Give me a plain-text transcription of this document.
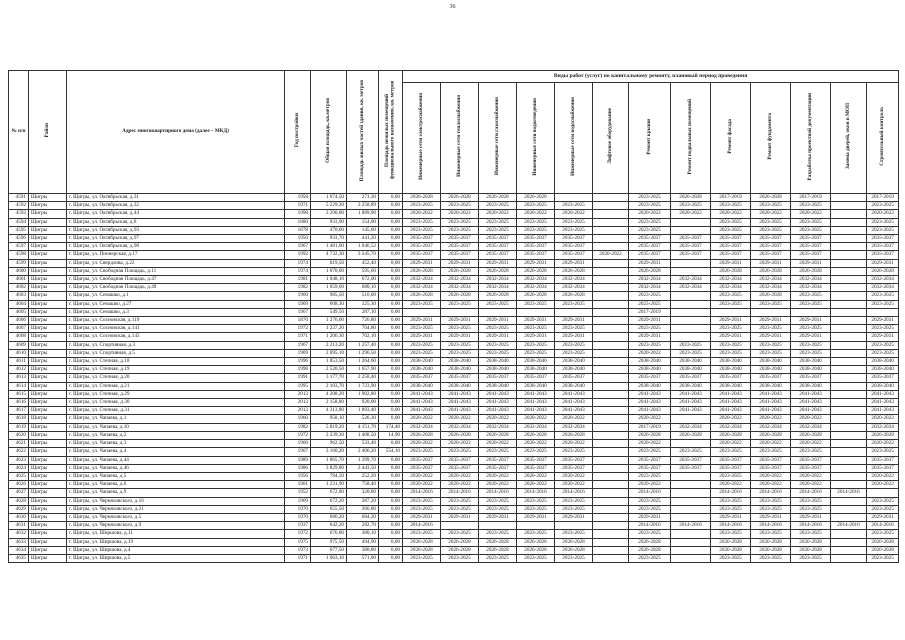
36
№ п/п	Район	Адрес многоквартирного дома (далее – МКД)	Год постройки	Общая площадь, кв.метров	Площадь жилых частей здания, кв. метров	Площадь нежилых помещений функционального назначения, кв. метров	Виды работ (услуг) по капитальному ремонту, плановый период проведения												
							Инженерные сети электроснабжения	Инженерные сети теплоснабжения	Инженерные сети газоснабжения	Инженерные сети водоотведения	Инженерные сети водоснабжения	Лифтовое оборудование	Ремонт крыши	Ремонт подвальных помещений	Ремонт фасада	Ремонт фундамента	Разработка проектной документации	Замена дверей, окон в МОП	Строительный контроль
4591	Щигры	г. Щигры, ул. Октябрьская, д.31	1958	1 074,50	271,30	0,00	2026-2028	2026-2028	2026-2028	2026-2028			2023-2025	2026-2028	2017-2019	2026-2028	2017-2019		2017-2019
4592	Щигры	г. Щигры, ул. Октябрьская, д.32	1971	5 229,30	3 258,89	0,00	2023-2025	2023-2025	2023-2025	2023-2025	2023-2025		2023-2025	2023-2025	2023-2025	2023-2025	2023-2025		2023-2025
4593	Щигры	г. Щигры, ул. Октябрьская, д.44	1998	3 290,80	1 889,90	0,00	2020-2022	2020-2022	2020-2022	2020-2022	2020-2022		2020-2022	2020-2022	2020-2022	2020-2022	2020-2022		2020-2022
4594	Щигры	г. Щигры, ул. Октябрьская, д.8	1880	933,90	154,00	0,00	2023-2025	2023-2025	2023-2025	2023-2025	2023-2025		2023-2025		2023-2025	2023-2025	2023-2025		2023-2025
4595	Щигры	г. Щигры, ул. Октябрьская, д.93	1878	470,60	145,60	0,00	2023-2025	2023-2025	2023-2025	2023-2025	2023-2025		2023-2025		2023-2025	2023-2025	2023-2025		2023-2025
4596	Щигры	г. Щигры, ул. Октябрьская, д.97	1950	933,70	441,20	0,00	2035-2037	2035-2037	2035-2037	2035-2037	2035-2037		2035-2037	2035-2037	2035-2037	2035-2037	2035-2037		2035-2037
4597	Щигры	г. Щигры, ул. Октябрьская, д.98	1967	1 481,60	1 046,52	0,00	2035-2037	2035-2037	2035-2037	2035-2037	2035-2037		2035-2037	2035-2037	2035-2037	2035-2037	2035-2037		2035-2037
4598	Щигры	г. Щигры, ул. Пионерская, д.17	1992	4 732,30	3 345,70	0,00	2035-2037	2035-2037	2035-2037	2035-2037	2035-2037	2020-2022	2035-2037	2035-2037	2035-2037	2035-2037	2035-2037		2035-2037
4599	Щигры	г. Щигры, ул. Свердлова, д.22	1974	819,50	452,40	0,00	2029-2031	2029-2031	2029-2031	2029-2031	2029-2031		2029-2031		2029-2031	2029-2031	2029-2031		2029-2031
4600	Щигры	г. Щигры, ул. Свободная Площадь, д.11	1974	1 070,00	595,60	0,00	2026-2028	2026-2028	2026-2028	2026-2028	2026-2028		2026-2028		2026-2028	2026-2028	2026-2028		2026-2028
4601	Щигры	г. Щигры, ул. Свободная Площадь, д.47	1981	1 048,10	672,00	0,00	2032-2034	2032-2034	2032-2034	2032-2034	2032-2034		2032-2034	2032-2034	2032-2034	2032-2034	2032-2034		2032-2034
4602	Щигры	г. Щигры, ул. Свободная Площадь, д.49	1982	1 059,60	680,10	0,00	2032-2034	2032-2034	2032-2034	2032-2034	2032-2034		2032-2034	2032-2034	2032-2034	2032-2034	2032-2034		2032-2034
4603	Щигры	г. Щигры, ул. Семашко, д.1	1960	985,50	516,00	0,00	2026-2028	2026-2028	2026-2028	2026-2028	2026-2028		2023-2025		2023-2025	2026-2028	2023-2025		2023-2025
4604	Щигры	г. Щигры, ул. Семашко, д.27	1969	608,30	325,30	0,00	2023-2025	2023-2025	2023-2025	2023-2025	2023-2025		2023-2025		2023-2025	2023-2025	2023-2025		2023-2025
4605	Щигры	г. Щигры, ул. Семашко, д.3	1967	549,50	287,10	0,00							2017-2019						
4606	Щигры	г. Щигры, ул. Сосновская, д.119	1870	1 276,00	726,80	0,00	2029-2031	2029-2031	2029-2031	2029-2031	2029-2031		2029-2031		2029-2031	2029-2031	2029-2031		2029-2031
4607	Щигры	г. Щигры, ул. Сосновская, д.141	1972	1 237,20	704,80	0,00	2023-2025	2023-2025	2023-2025	2023-2025	2023-2025		2023-2025		2023-2025	2023-2025	2023-2025		2023-2025
4608	Щигры	г. Щигры, ул. Сосновская, д.143	1971	1 206,30	702,10	0,00	2029-2031	2029-2031	2029-2031	2029-2031	2029-2031		2029-2031		2029-2031	2029-2031	2029-2031		2029-2031
4609	Щигры	г. Щигры, ул. Спортивная, д.3	1967	2 213,20	1 257,40	0,00	2023-2025	2023-2025	2023-2025	2023-2025	2023-2025		2023-2025	2023-2025	2023-2025	2023-2025	2023-2025		2023-2025
4610	Щигры	г. Щигры, ул. Спортивная, д.5	1969	2 095,10	1 296,50	0,00	2023-2025	2023-2025	2023-2025	2023-2025	2023-2025		2020-2022	2023-2025	2023-2025	2023-2025	2023-2025		2023-2025
4611	Щигры	г. Щигры, ул. Степная, д.18	1996	1 853,50	1 264,60	0,00	2038-2040	2038-2040	2038-2040	2038-2040	2038-2040		2038-2040	2038-2040	2038-2040	2038-2040	2038-2040		2038-2040
4612	Щигры	г. Щигры, ул. Степная, д.19	1998	2 520,50	1 657,90	0,00	2038-2040	2038-2040	2038-2040	2038-2040	2038-2040		2038-2040	2038-2040	2038-2040	2038-2040	2038-2040		2038-2040
4613	Щигры	г. Щигры, ул. Степная, д.20	1991	3 177,70	2 258,40	0,00	2035-2037	2035-2037	2035-2037	2035-2037	2035-2037		2035-2037	2035-2037	2035-2037	2035-2037	2035-2037		2035-2037
4614	Щигры	г. Щигры, ул. Степная, д.21	1995	2 103,70	1 723,90	0,00	2038-2040	2038-2040	2038-2040	2038-2040	2038-2040		2038-2040	2038-2040	2038-2040	2038-2040	2038-2040		2038-2040
4615	Щигры	г. Щигры, ул. Степная, д.29	2013	4 208,20	1 902,80	0,00	2041-2043	2041-2043	2041-2043	2041-2043	2041-2043		2041-2043	2041-2043	2041-2043	2041-2043	2041-2043		2041-2043
4616	Щигры	г. Щигры, ул. Степная, д.30	2013	2 158,80	920,00	0,00	2041-2043	2041-2043	2041-2043	2041-2043	2041-2043		2041-2043	2041-2043	2041-2043	2041-2043	2041-2043		2041-2043
4617	Щигры	г. Щигры, ул. Степная, д.31	2013	4 313,80	1 893,40	0,00	2041-2043	2041-2043	2041-2043	2041-2043	2041-2043		2041-2043	2041-2043	2041-2043	2041-2043	2041-2043		2041-2043
4618	Щигры	г. Щигры, ул. Чапаева, д.1	1960	958,10	526,30	0,00	2020-2022	2020-2022	2020-2022	2020-2022	2020-2022		2020-2022		2020-2022	2020-2022	2020-2022		2020-2022
4619	Щигры	г. Щигры, ул. Чапаева, д.10	1982	5 819,20	4 151,70	174,40	2032-2034	2032-2034	2032-2034	2032-2034	2032-2034		2017-2019	2032-2034	2032-2034	2032-2034	2032-2034		2032-2034
4620	Щигры	г. Щигры, ул. Чапаева, д.2	1972	2 339,30	1 408,50	14,90	2026-2028	2026-2028	2026-2028	2026-2028	2026-2028		2026-2028	2026-2028	2026-2028	2026-2028	2026-2028		2026-2028
4621	Щигры	г. Щигры, ул. Чапаева, д.3	1960	962,50	533,40	0,00	2020-2022	2020-2022	2020-2022	2020-2022	2020-2022		2020-2022		2020-2022	2020-2022	2020-2022		2020-2022
4622	Щигры	г. Щигры, ул. Чапаева, д.4	1967	3 160,20	2 406,20	554,10	2023-2025	2023-2025	2023-2025	2023-2025	2023-2025		2023-2025	2023-2025	2023-2025	2023-2025	2023-2025		2023-2025
4623	Щигры	г. Щигры, ул. Чапаева, д.44	1989	1 865,70	1 399,70	0,00	2035-2037	2035-2037	2035-2037	2035-2037	2035-2037		2035-2037	2035-2037	2035-2037	2035-2037	2035-2037		2035-2037
4624	Щигры	г. Щигры, ул. Чапаева, д.46	1986	3 829,80	2 443,50	0,00	2035-2037	2035-2037	2035-2037	2035-2037	2035-2037		2035-2037	2035-2037	2035-2037	2035-2037	2035-2037		2035-2037
4625	Щигры	г. Щигры, ул. Чапаева, д.5	1956	784,50	252,20	0,00	2020-2022	2020-2022	2020-2022	2020-2022	2020-2022		2023-2025		2023-2025	2020-2022	2020-2022		2020-2022
4626	Щигры	г. Щигры, ул. Чапаева, д.6	1961	1 231,90	758,40	0,00	2020-2022	2020-2022	2020-2022	2020-2022	2020-2022		2020-2022		2020-2022	2020-2022	2020-2022		2020-2022
4627	Щигры	г. Щигры, ул. Чапаева, д.9	1952	672,80	320,80	0,00	2014-2016	2014-2016	2014-2016	2014-2016	2014-2016		2014-2016		2014-2016	2014-2016	2014-2016	2014-2016	
4628	Щигры	г. Щигры, ул. Черняховского, д.16	1969	672,20	387,20	0,00	2023-2025	2023-2025	2023-2025	2023-2025	2023-2025		2023-2025		2023-2025	2023-2025	2023-2025		2023-2025
4629	Щигры	г. Щигры, ул. Черняховского, д.21	1970	655,50	366,80	0,00	2023-2025	2023-2025	2023-2025	2023-2025	2023-2025		2023-2025		2023-2025	2023-2025	2023-2025		2023-2025
4630	Щигры	г. Щигры, ул. Черняховского, д.5	1970	686,20	684,20	0,00	2029-2031	2029-2031	2029-2031	2029-2031	2029-2031		2029-2031		2029-2031	2029-2031	2029-2031		2029-2031
4631	Щигры	г. Щигры, ул. Черняховского, д.9	1937	642,20	282,70	0,00	2014-2016						2014-2016	2014-2016	2014-2016	2014-2016	2014-2016	2014-2016	2014-2016
4632	Щигры	г. Щигры, ул. Ширшова, д.11	1972	676,80	380,10	0,00	2023-2025	2023-2025	2023-2025	2023-2025	2023-2025		2023-2025		2023-2025	2023-2025	2023-2025		2023-2025
4633	Щигры	г. Щигры, ул. Ширшова, д.19	1975	975,50	494,90	0,00	2026-2028	2026-2028	2026-2028	2026-2028	2026-2028		2026-2028		2026-2028	2026-2028	2026-2028		2026-2028
4634	Щигры	г. Щигры, ул. Ширшова, д.4	1973	677,50	380,80	0,00	2026-2028	2026-2028	2026-2028	2026-2028	2026-2028		2026-2028		2026-2028	2026-2028	2026-2028		2026-2028
4635	Щигры	г. Щигры, ул. Ширшова, д.5	1971	1 063,10	571,00	0,00	2023-2025	2023-2025	2023-2025	2023-2025	2023-2025		2023-2025		2023-2025	2023-2025	2023-2025		2023-2025
